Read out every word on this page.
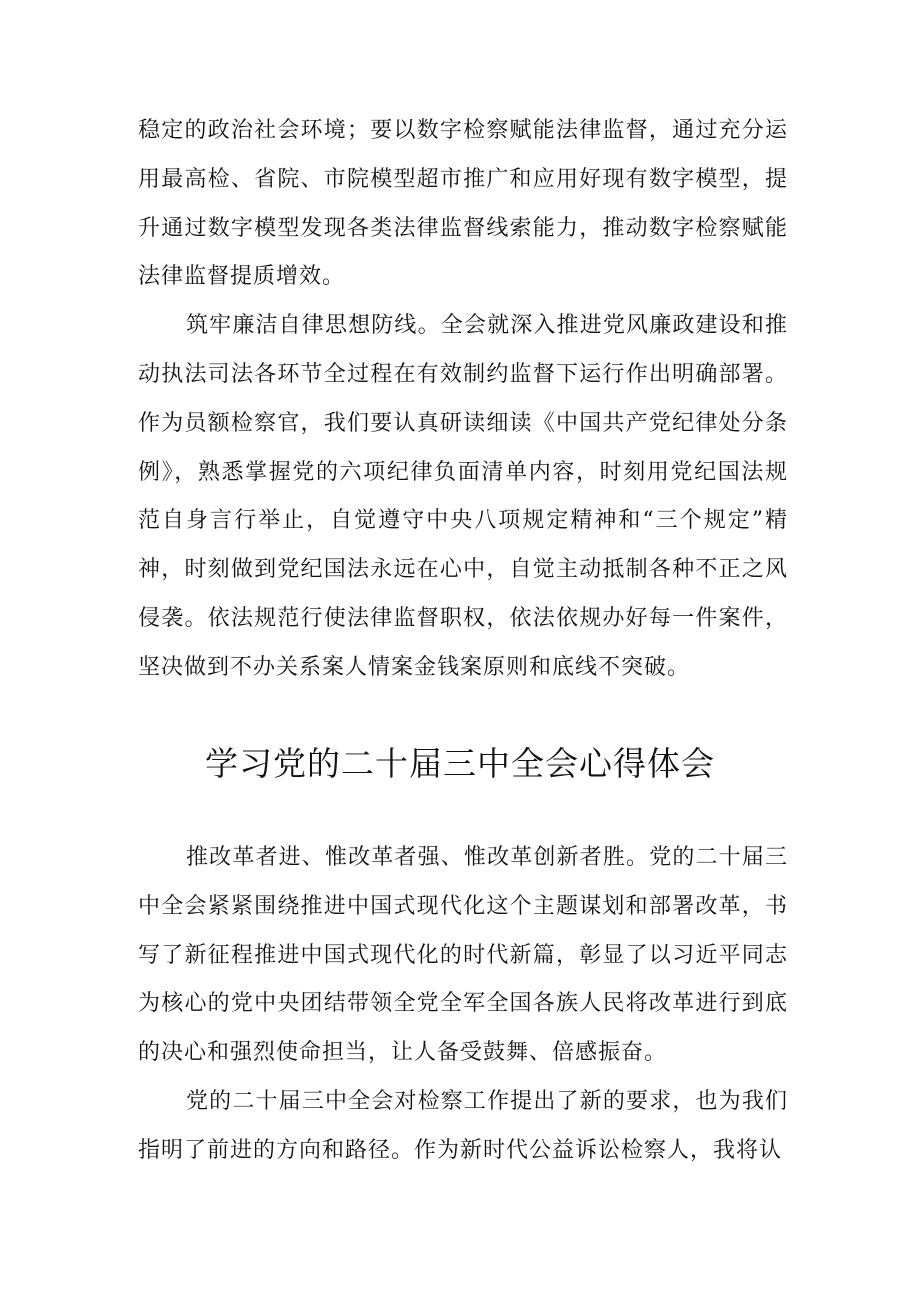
稳定的政治社会环境；要以数字检察赋能法律监督，通过充分运用最高检、省院、市院模型超市推广和应用好现有数字模型，提升通过数字模型发现各类法律监督线索能力，推动数字检察赋能法律监督提质增效。

筑牢廉洁自律思想防线。全会就深入推进党风廉政建设和推动执法司法各环节全过程在有效制约监督下运行作出明确部署。作为员额检察官，我们要认真研读细读《中国共产党纪律处分条例》，熟悉掌握党的六项纪律负面清单内容，时刻用党纪国法规范自身言行举止，自觉遵守中央八项规定精神和“三个规定”精神，时刻做到党纪国法永远在心中，自觉主动抵制各种不正之风侵袭。依法规范行使法律监督职权，依法依规办好每一件案件，坚决做到不办关系案人情案金钱案原则和底线不突破。

学习党的二十届三中全会心得体会

推改革者进、惟改革者强、惟改革创新者胜。党的二十届三中全会紧紧围绕推进中国式现代化这个主题谋划和部署改革，书写了新征程推进中国式现代化的时代新篇，彰显了以习近平同志为核心的党中央团结带领全党全军全国各族人民将改革进行到底的决心和强烈使命担当，让人备受鼓舞、倍感振奋。

党的二十届三中全会对检察工作提出了新的要求，也为我们指明了前进的方向和路径。作为新时代公益诉讼检察人，我将认
